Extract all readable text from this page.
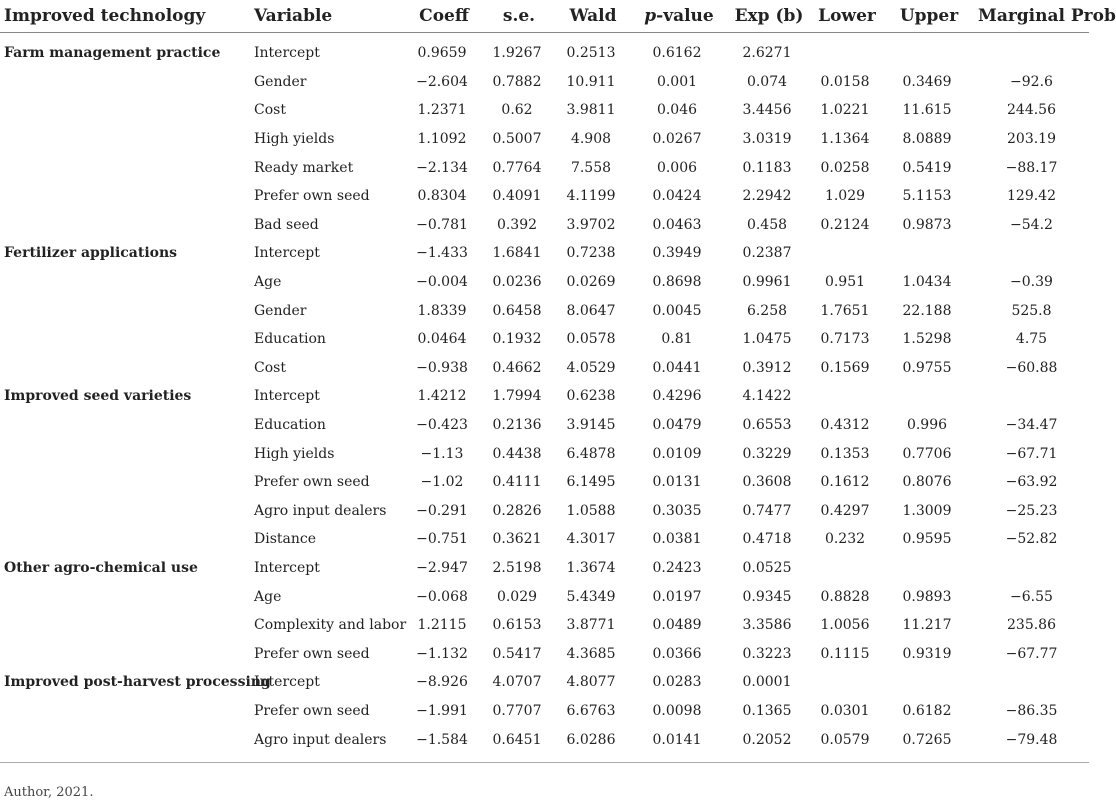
Improved technology	Variable	Coeff	s.e.	Wald	p-value	Exp (b)	Lower	Upper	Marginal Prob
Farm management practice	Intercept	0.9659	1.9267	0.2513	0.6162	2.6271			
	Gender	−2.604	0.7882	10.911	0.001	0.074	0.0158	0.3469	−92.6
	Cost	1.2371	0.62	3.9811	0.046	3.4456	1.0221	11.615	244.56
	High yields	1.1092	0.5007	4.908	0.0267	3.0319	1.1364	8.0889	203.19
	Ready market	−2.134	0.7764	7.558	0.006	0.1183	0.0258	0.5419	−88.17
	Prefer own seed	0.8304	0.4091	4.1199	0.0424	2.2942	1.029	5.1153	129.42
	Bad seed	−0.781	0.392	3.9702	0.0463	0.458	0.2124	0.9873	−54.2
Fertilizer applications	Intercept	−1.433	1.6841	0.7238	0.3949	0.2387			
	Age	−0.004	0.0236	0.0269	0.8698	0.9961	0.951	1.0434	−0.39
	Gender	1.8339	0.6458	8.0647	0.0045	6.258	1.7651	22.188	525.8
	Education	0.0464	0.1932	0.0578	0.81	1.0475	0.7173	1.5298	4.75
	Cost	−0.938	0.4662	4.0529	0.0441	0.3912	0.1569	0.9755	−60.88
Improved seed varieties	Intercept	1.4212	1.7994	0.6238	0.4296	4.1422			
	Education	−0.423	0.2136	3.9145	0.0479	0.6553	0.4312	0.996	−34.47
	High yields	−1.13	0.4438	6.4878	0.0109	0.3229	0.1353	0.7706	−67.71
	Prefer own seed	−1.02	0.4111	6.1495	0.0131	0.3608	0.1612	0.8076	−63.92
	Agro input dealers	−0.291	0.2826	1.0588	0.3035	0.7477	0.4297	1.3009	−25.23
	Distance	−0.751	0.3621	4.3017	0.0381	0.4718	0.232	0.9595	−52.82
Other agro-chemical use	Intercept	−2.947	2.5198	1.3674	0.2423	0.0525			
	Age	−0.068	0.029	5.4349	0.0197	0.9345	0.8828	0.9893	−6.55
	Complexity and labor	1.2115	0.6153	3.8771	0.0489	3.3586	1.0056	11.217	235.86
	Prefer own seed	−1.132	0.5417	4.3685	0.0366	0.3223	0.1115	0.9319	−67.77
Improved post-harvest processing	Intercept	−8.926	4.0707	4.8077	0.0283	0.0001			
	Prefer own seed	−1.991	0.7707	6.6763	0.0098	0.1365	0.0301	0.6182	−86.35
	Agro input dealers	−1.584	0.6451	6.0286	0.0141	0.2052	0.0579	0.7265	−79.48

Author, 2021.
